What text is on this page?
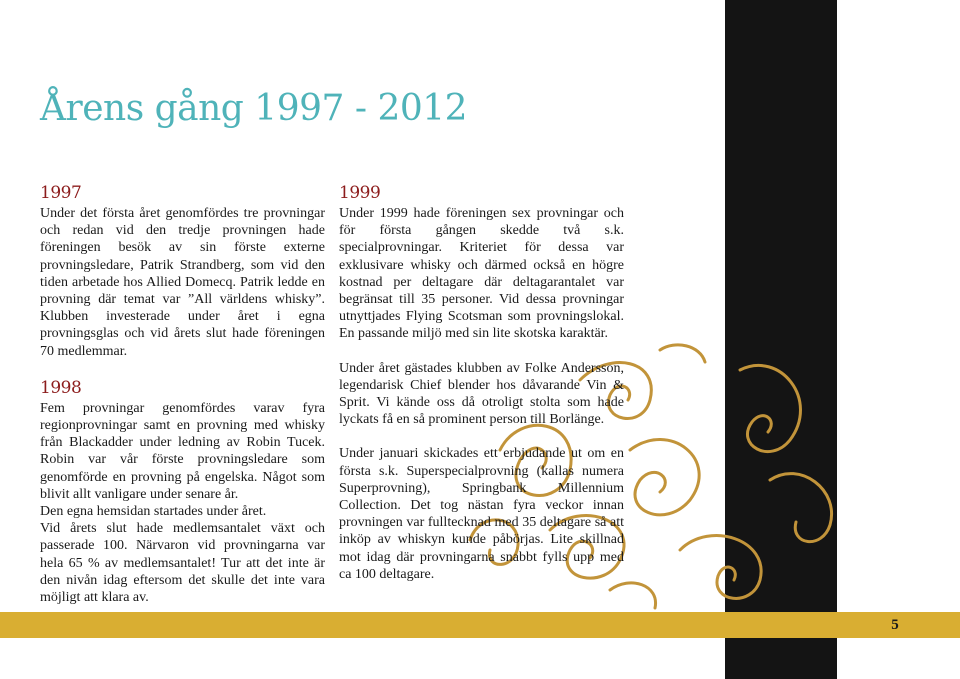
Årens gång 1997 - 2012
1997

Under det första året genomfördes tre provningar och redan vid den tredje provningen hade föreningen besök av sin förste externe provningsledare, Patrik Strandberg, som vid den tiden arbetade hos Allied Domecq. Patrik ledde en provning där temat var ”All världens whisky”. Klubben investerade under året i egna provningsglas och vid årets slut hade föreningen 70 medlemmar.

1998

Fem provningar genomfördes varav fyra regionprovningar samt en provning med whisky från Blackadder under ledning av Robin Tucek. Robin var vår förste provningsledare som genomförde en provning på engelska. Något som blivit allt vanligare under senare år.

Den egna hemsidan startades under året.

Vid årets slut hade medlemsantalet växt och passerade 100. Närvaron vid provningarna var hela 65 % av medlemsantalet! Tur att det inte är den nivån idag eftersom det skulle det inte vara möjligt att klara av.

1999

Under 1999 hade föreningen sex provningar och för första gången skedde två s.k. specialprovningar. Kriteriet för dessa var exklusivare whisky och därmed också en högre kostnad per deltagare där deltagarantalet var begränsat till 35 personer. Vid dessa provningar utnyttjades Flying Scotsman som provningslokal. En passande miljö med sin lite skotska karaktär.

Under året gästades klubben av Folke Andersson, legendarisk Chief blender hos dåvarande Vin & Sprit. Vi kände oss då otroligt stolta som hade lyckats få en så prominent person till Borlänge.

Under januari skickades ett erbjudande ut om en första s.k. Superspecialprovning (kallas numera Superprovning), Springbank Millennium Collection. Det tog nästan fyra veckor innan provningen var fulltecknad med 35 deltagare så att inköp av whiskyn kunde påbörjas. Lite skillnad mot idag där provningarna snabbt fylls upp med ca 100 deltagare.

5
